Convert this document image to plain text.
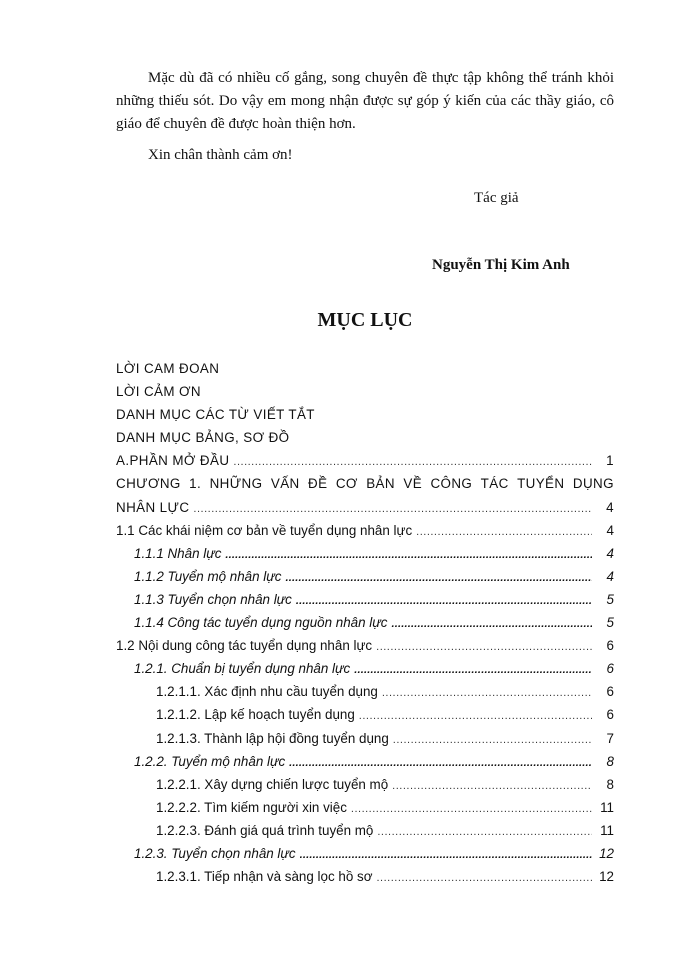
Mặc dù đã có nhiều cố gắng, song chuyên đề thực tập không thể tránh khỏi những thiếu sót. Do vậy em mong nhận được sự góp ý kiến của các thầy giáo, cô giáo để chuyên đề được hoàn thiện hơn.
Xin chân thành cảm ơn!
Tác giả
Nguyễn Thị Kim Anh
MỤC LỤC
LỜI CAM ĐOAN
LỜI CẢM ƠN
DANH MỤC CÁC TỪ VIẾT TẮT
DANH MỤC BẢNG, SƠ ĐỒ
A.PHẦN MỞ ĐẦU .....	1
CHƯƠNG 1. NHỮNG VẤN ĐỀ CƠ BẢN VỀ CÔNG TÁC TUYỂN DỤNG
NHÂN LỰC .....	4
1.1 Các khái niệm cơ bản về tuyển dụng nhân lực .....	4
1.1.1 Nhân lực .....	4
1.1.2 Tuyển mộ nhân lực .....	4
1.1.3 Tuyển chọn nhân lực .....	5
1.1.4 Công tác tuyển dụng nguồn nhân lực .....	5
1.2 Nội dung công tác tuyển dụng nhân lực .....	6
1.2.1. Chuẩn bị tuyển dụng nhân lực .....	6
1.2.1.1. Xác định nhu cầu tuyển dụng .....	6
1.2.1.2. Lập kế hoạch tuyển dụng .....	6
1.2.1.3. Thành lập hội đồng tuyển dụng .....	7
1.2.2. Tuyển mộ nhân lực .....	8
1.2.2.1. Xây dựng chiến lược tuyển mộ .....	8
1.2.2.2. Tìm kiếm người xin việc .....	11
1.2.2.3. Đánh giá quá trình tuyển mộ .....	11
1.2.3. Tuyển chọn nhân lực .....	12
1.2.3.1. Tiếp nhận và sàng lọc hồ sơ .....	12
